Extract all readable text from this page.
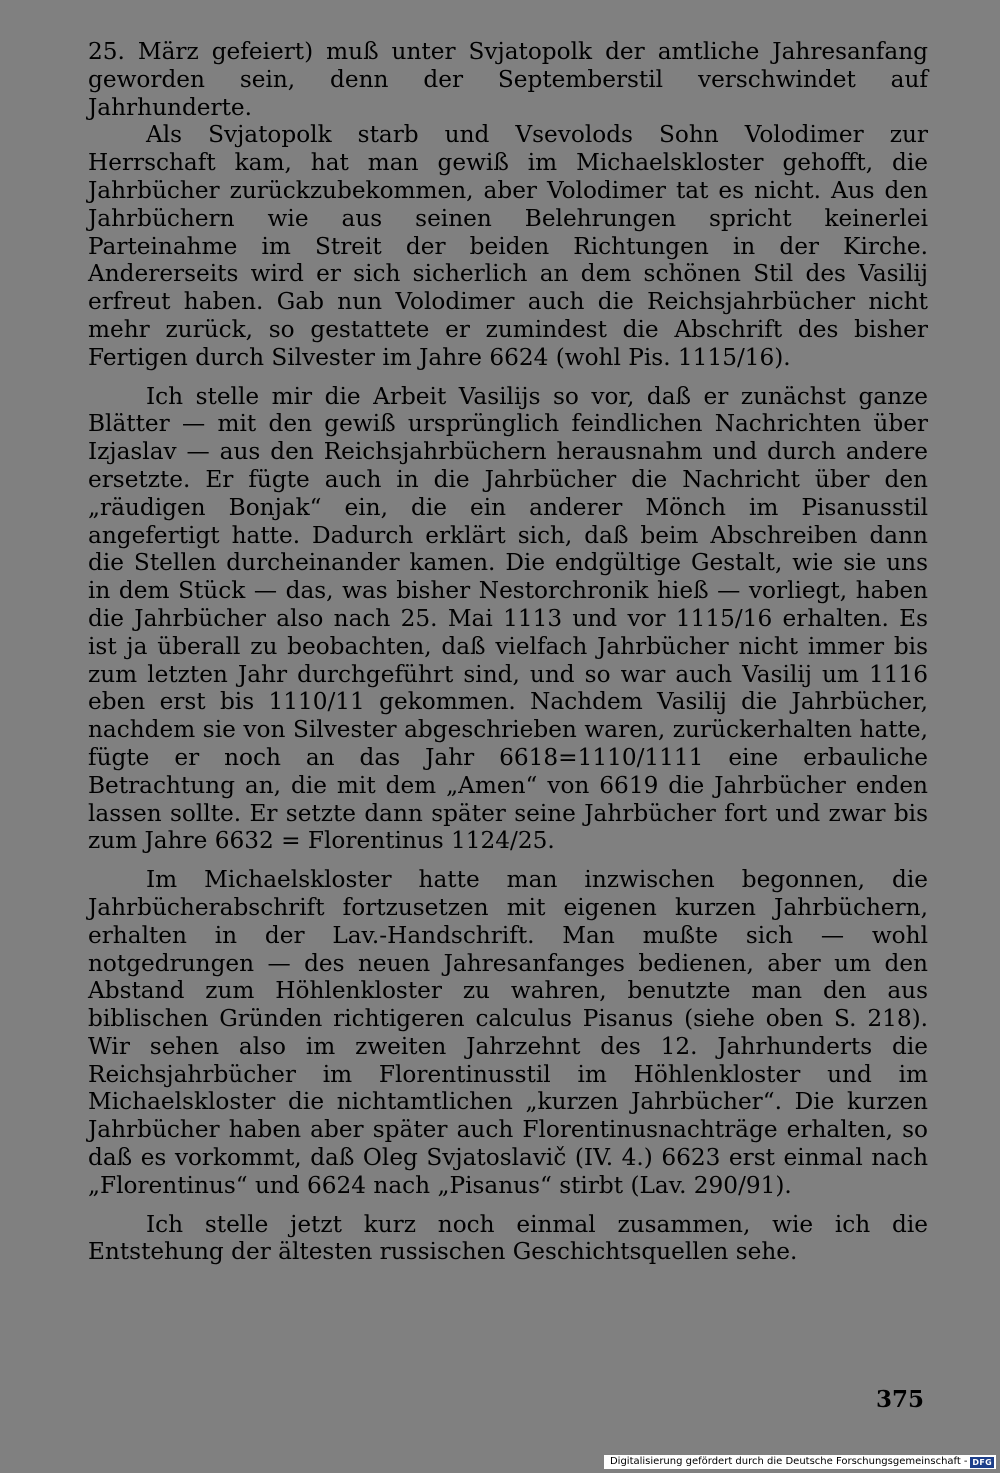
25. März gefeiert) muß unter Svjatopolk der amtliche Jahresanfang geworden sein, denn der Septemberstil verschwindet auf Jahrhunderte.

Als Svjatopolk starb und Vsevolods Sohn Volodimer zur Herrschaft kam, hat man gewiß im Michaelskloster gehofft, die Jahrbücher zurückzubekommen, aber Volodimer tat es nicht. Aus den Jahrbüchern wie aus seinen Belehrungen spricht keinerlei Parteinahme im Streit der beiden Richtungen in der Kirche. Andererseits wird er sich sicherlich an dem schönen Stil des Vasilij erfreut haben. Gab nun Volodimer auch die Reichsjahrbücher nicht mehr zurück, so gestattete er zumindest die Abschrift des bisher Fertigen durch Silvester im Jahre 6624 (wohl Pis. 1115/16).

Ich stelle mir die Arbeit Vasilijs so vor, daß er zunächst ganze Blätter — mit den gewiß ursprünglich feindlichen Nachrichten über Izjaslav — aus den Reichsjahrbüchern herausnahm und durch andere ersetzte. Er fügte auch in die Jahrbücher die Nachricht über den „räudigen Bonjak“ ein, die ein anderer Mönch im Pisanusstil angefertigt hatte. Dadurch erklärt sich, daß beim Abschreiben dann die Stellen durcheinander kamen. Die endgültige Gestalt, wie sie uns in dem Stück — das, was bisher Nestorchronik hieß — vorliegt, haben die Jahrbücher also nach 25. Mai 1113 und vor 1115/16 erhalten. Es ist ja überall zu beobachten, daß vielfach Jahrbücher nicht immer bis zum letzten Jahr durchgeführt sind, und so war auch Vasilij um 1116 eben erst bis 1110/11 gekommen. Nachdem Vasilij die Jahrbücher, nachdem sie von Silvester abgeschrieben waren, zurückerhalten hatte, fügte er noch an das Jahr 6618=1110/1111 eine erbauliche Betrachtung an, die mit dem „Amen“ von 6619 die Jahrbücher enden lassen sollte. Er setzte dann später seine Jahrbücher fort und zwar bis zum Jahre 6632 = Florentinus 1124/25.

Im Michaelskloster hatte man inzwischen begonnen, die Jahrbücherabschrift fortzusetzen mit eigenen kurzen Jahrbüchern, erhalten in der Lav.-Handschrift. Man mußte sich — wohl notgedrungen — des neuen Jahresanfanges bedienen, aber um den Abstand zum Höhlenkloster zu wahren, benutzte man den aus biblischen Gründen richtigeren calculus Pisanus (siehe oben S. 218). Wir sehen also im zweiten Jahrzehnt des 12. Jahrhunderts die Reichsjahrbücher im Florentinusstil im Höhlenkloster und im Michaelskloster die nichtamtlichen „kurzen Jahrbücher“. Die kurzen Jahrbücher haben aber später auch Florentinusnachträge erhalten, so daß es vorkommt, daß Oleg Svjatoslavič (IV. 4.) 6623 erst einmal nach „Florentinus“ und 6624 nach „Pisanus“ stirbt (Lav. 290/91).

Ich stelle jetzt kurz noch einmal zusammen, wie ich die Entstehung der ältesten russischen Geschichtsquellen sehe.

375
Digitalisierung gefördert durch die Deutsche Forschungsgemeinschaft - DFG
